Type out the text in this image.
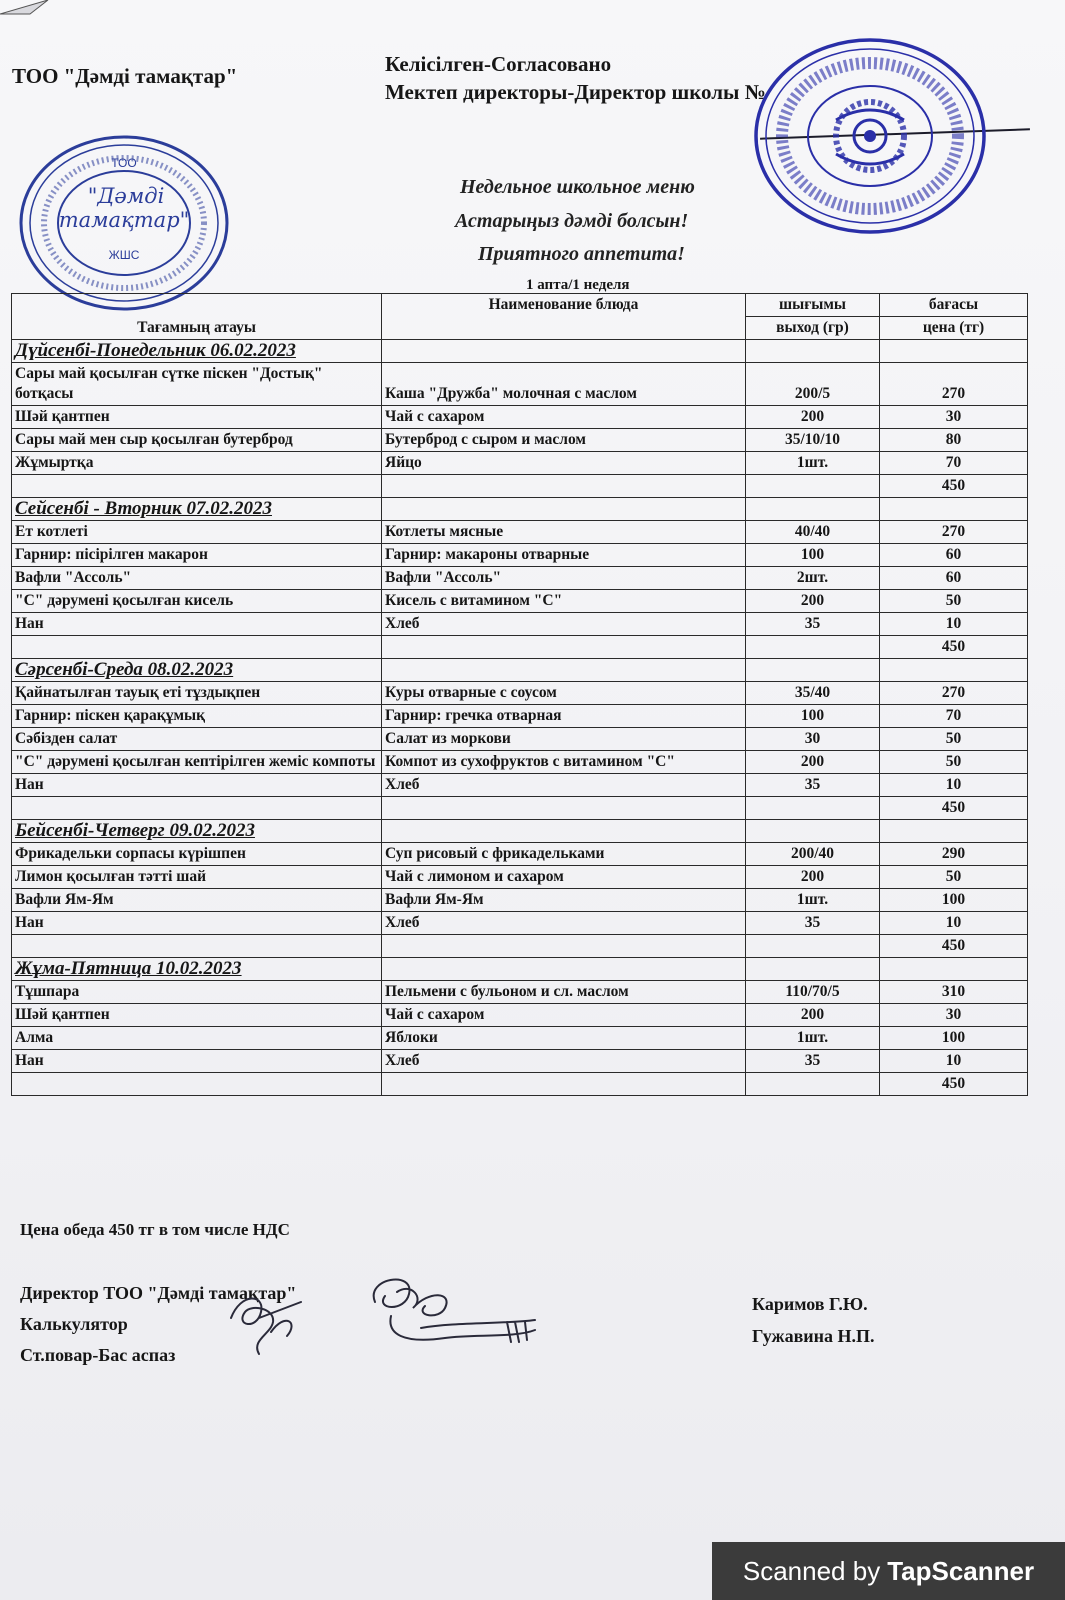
ТОО "Дәмді тамақтар"	Келісілген-Согласовано
Мектеп директоры-Директор школы №
ТОО
"Дәмді
тамақтар"
ЖШС
Недельное школьное меню
Астарыңыз дәмді болсын!
Приятного аппетита!
1 апта/1 неделя
Тағамның атауы	Наименование блюда	шығымы	бағасы
		выход (гр)	цена (тг)
Дүйсенбі-Понедельник 06.02.2023			
Сары май қосылған сүтке піскен "Достық" ботқасы	Каша "Дружба" молочная с маслом	200/5	270
Шәй қантпен	Чай с сахаром	200	30
Сары май мен сыр қосылған бутерброд	Бутерброд с сыром и маслом	35/10/10	80
Жұмыртқа	Яйцо	1шт.	70
			450
Сейсенбі - Вторник 07.02.2023			
Ет котлеті	Котлеты мясные	40/40	270
Гарнир: пісірілген макарон	Гарнир: макароны отварные	100	60
Вафли "Ассоль"	Вафли "Ассоль"	2шт.	60
"С" дәрумені қосылған кисель	Кисель с витамином "С"	200	50
Нан	Хлеб	35	10
			450
Сәрсенбі-Среда 08.02.2023			
Қайнатылған тауық еті тұздықпен	Куры отварные с соусом	35/40	270
Гарнир: піскен қарақұмық	Гарнир: гречка отварная	100	70
Сәбізден салат	Салат из моркови	30	50
"С" дәрумені қосылған кептірілген жеміс компоты	Компот из сухофруктов с витамином "С"	200	50
Нан	Хлеб	35	10
			450
Бейсенбі-Четверг 09.02.2023			
Фрикадельки сорпасы күрішпен	Суп рисовый с фрикадельками	200/40	290
Лимон қосылған тәтті шай	Чай с лимоном и сахаром	200	50
Вафли Ям-Ям	Вафли Ям-Ям	1шт.	100
Нан	Хлеб	35	10
			450
Жұма-Пятница 10.02.2023			
Тұшпара	Пельмени с бульоном и сл. маслом	110/70/5	310
Шәй қантпен	Чай с сахаром	200	30
Алма	Яблоки	1шт.	100
Нан	Хлеб	35	10
			450
Цена обеда 450 тг в том числе НДС
Директор ТОО "Дәмді тамақтар"
Калькулятор
Ст.повар-Бас аспаз
Каримов Г.Ю.
Гужавина Н.П.
Scanned by TapScanner
